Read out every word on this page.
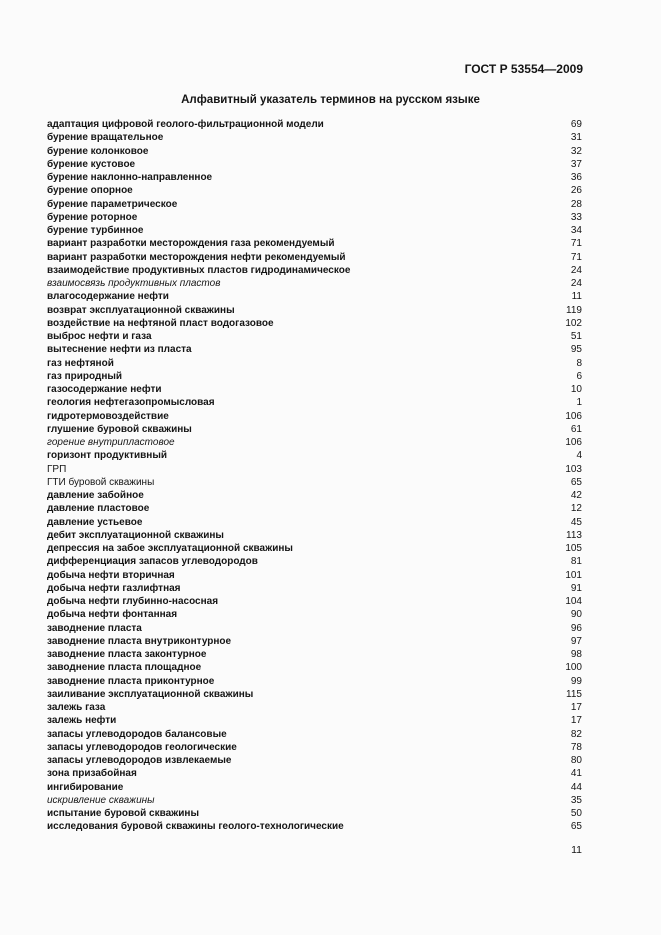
ГОСТ Р 53554—2009
Алфавитный указатель терминов на русском языке
адаптация цифровой геолого-фильтрационной модели	69
бурение вращательное	31
бурение колонковое	32
бурение кустовое	37
бурение наклонно-направленное	36
бурение опорное	26
бурение параметрическое	28
бурение роторное	33
бурение турбинное	34
вариант разработки месторождения газа рекомендуемый	71
вариант разработки месторождения нефти рекомендуемый	71
взаимодействие продуктивных пластов гидродинамическое	24
взаимосвязь продуктивных пластов	24
влагосодержание нефти	11
возврат эксплуатационной скважины	119
воздействие на нефтяной пласт водогазовое	102
выброс нефти и газа	51
вытеснение нефти из пласта	95
газ нефтяной	8
газ природный	6
газосодержание нефти	10
геология нефтегазопромысловая	1
гидротермовоздействие	106
глушение буровой скважины	61
горение внутрипластовое	106
горизонт продуктивный	4
ГРП	103
ГТИ буровой скважины	65
давление забойное	42
давление пластовое	12
давление устьевое	45
дебит эксплуатационной скважины	113
депрессия на забое эксплуатационной скважины	105
дифференциация запасов углеводородов	81
добыча нефти вторичная	101
добыча нефти газлифтная	91
добыча нефти глубинно-насосная	104
добыча нефти фонтанная	90
заводнение пласта	96
заводнение пласта внутриконтурное	97
заводнение пласта законтурное	98
заводнение пласта площадное	100
заводнение пласта приконтурное	99
заиливание эксплуатационной скважины	115
залежь газа	17
залежь нефти	17
запасы углеводородов балансовые	82
запасы углеводородов геологические	78
запасы углеводородов извлекаемые	80
зона призабойная	41
ингибирование	44
искривление скважины	35
испытание буровой скважины	50
исследования буровой скважины геолого-технологические	65
11
